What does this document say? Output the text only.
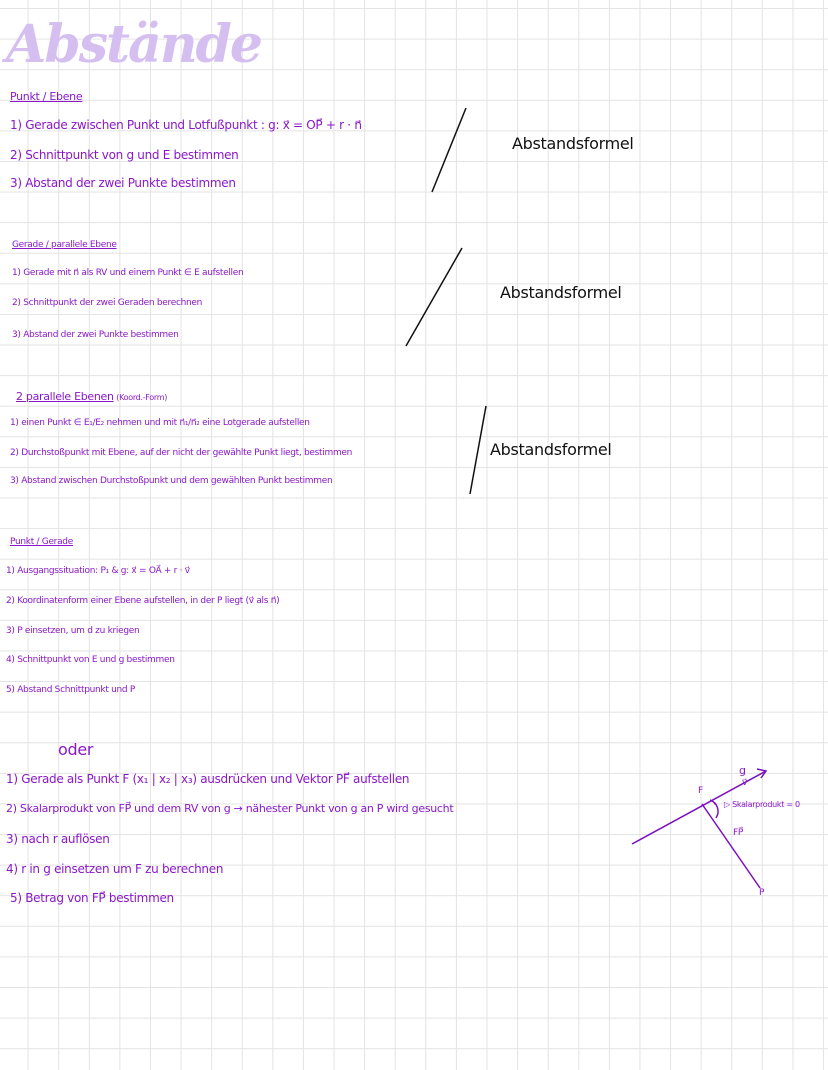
Abstände
Punkt / Ebene
1) Gerade zwischen Punkt und Lotfußpunkt : g: x⃗ = OP⃗ + r · n⃗
2) Schnittpunkt von g und E bestimmen
3) Abstand der zwei Punkte bestimmen
Abstandsformel
Gerade / parallele Ebene
1) Gerade mit n⃗ als RV und einem Punkt ∈ E aufstellen
2) Schnittpunkt der zwei Geraden berechnen
3) Abstand der zwei Punkte bestimmen
Abstandsformel
2 parallele Ebenen (Koord.-Form)
1) einen Punkt ∈ E₁/E₂ nehmen und mit n⃗₁/n⃗₂ eine Lotgerade aufstellen
2) Durchstoßpunkt mit Ebene, auf der nicht der gewählte Punkt liegt, bestimmen
3) Abstand zwischen Durchstoßpunkt und dem gewählten Punkt bestimmen
Abstandsformel
Punkt / Gerade
1) Ausgangssituation: P₁ & g: x⃗ = OA⃗ + r · v⃗
2) Koordinatenform einer Ebene aufstellen, in der P liegt (v⃗ als n⃗)
3) P einsetzen, um d zu kriegen
4) Schnittpunkt von E und g bestimmen
5) Abstand Schnittpunkt und P
oder
1) Gerade als Punkt F (x₁ | x₂ | x₃) ausdrücken und Vektor PF⃗ aufstellen
2) Skalarprodukt von FP⃗ und dem RV von g → nähester Punkt von g an P wird gesucht
3) nach r auflösen
4) r in g einsetzen um F zu berechnen
5) Betrag von FP⃗ bestimmen
g
v⃗
F
· ▷ Skalarprodukt = 0
FP⃗
P
